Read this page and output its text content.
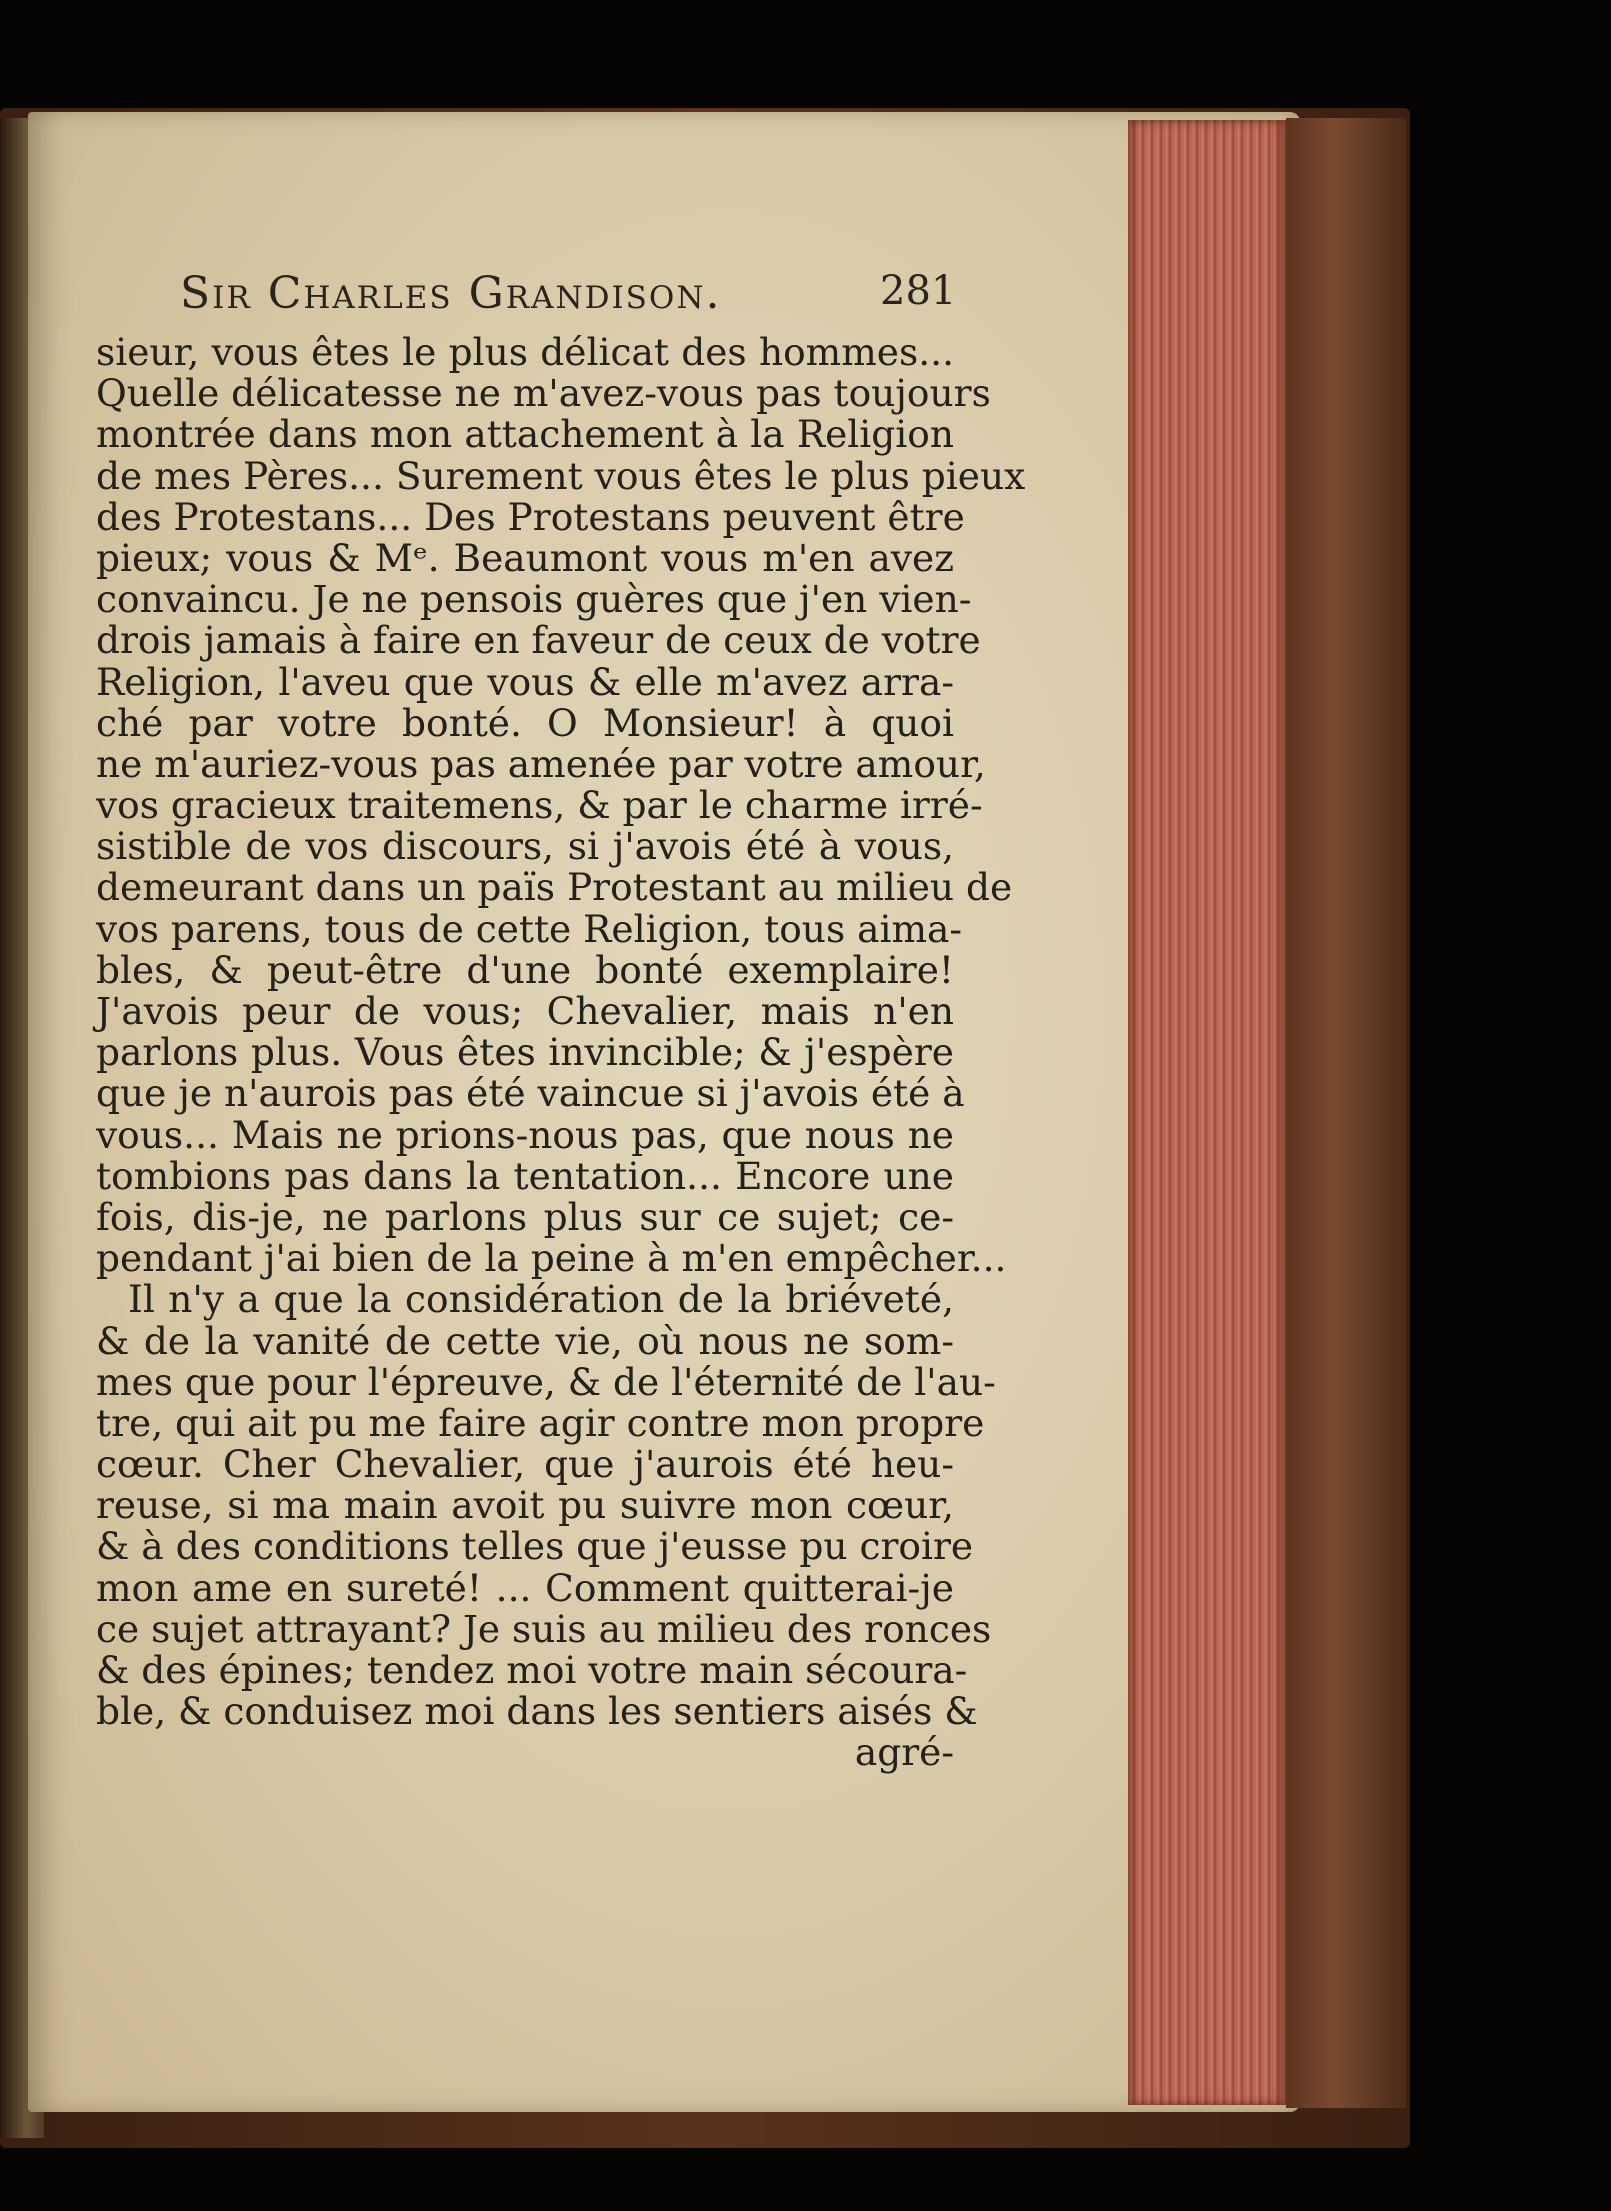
Sir Charles Grandison.	281
sieur, vous êtes le plus délicat des hommes...
Quelle délicatesse ne m'avez-vous pas toujours
montrée dans mon attachement à la Religion
de mes Pères... Surement vous êtes le plus pieux
des Protestans... Des Protestans peuvent être
pieux; vous & Mᵉ. Beaumont vous m'en avez
convaincu. Je ne pensois guères que j'en vien-
drois jamais à faire en faveur de ceux de votre
Religion, l'aveu que vous & elle m'avez arra-
ché par votre bonté. O Monsieur! à quoi
ne m'auriez-vous pas amenée par votre amour,
vos gracieux traitemens, & par le charme irré-
sistible de vos discours, si j'avois été à vous,
demeurant dans un païs Protestant au milieu de
vos parens, tous de cette Religion, tous aima-
bles, & peut-être d'une bonté exemplaire!
J'avois peur de vous; Chevalier, mais n'en
parlons plus. Vous êtes invincible; & j'espère
que je n'aurois pas été vaincue si j'avois été à
vous... Mais ne prions-nous pas, que nous ne
tombions pas dans la tentation... Encore une
fois, dis-je, ne parlons plus sur ce sujet; ce-
pendant j'ai bien de la peine à m'en empêcher...
Il n'y a que la considération de la briéveté,
& de la vanité de cette vie, où nous ne som-
mes que pour l'épreuve, & de l'éternité de l'au-
tre, qui ait pu me faire agir contre mon propre
cœur. Cher Chevalier, que j'aurois été heu-
reuse, si ma main avoit pu suivre mon cœur,
& à des conditions telles que j'eusse pu croire
mon ame en sureté! ... Comment quitterai-je
ce sujet attrayant? Je suis au milieu des ronces
& des épines; tendez moi votre main sécoura-
ble, & conduisez moi dans les sentiers aisés &
agré-
